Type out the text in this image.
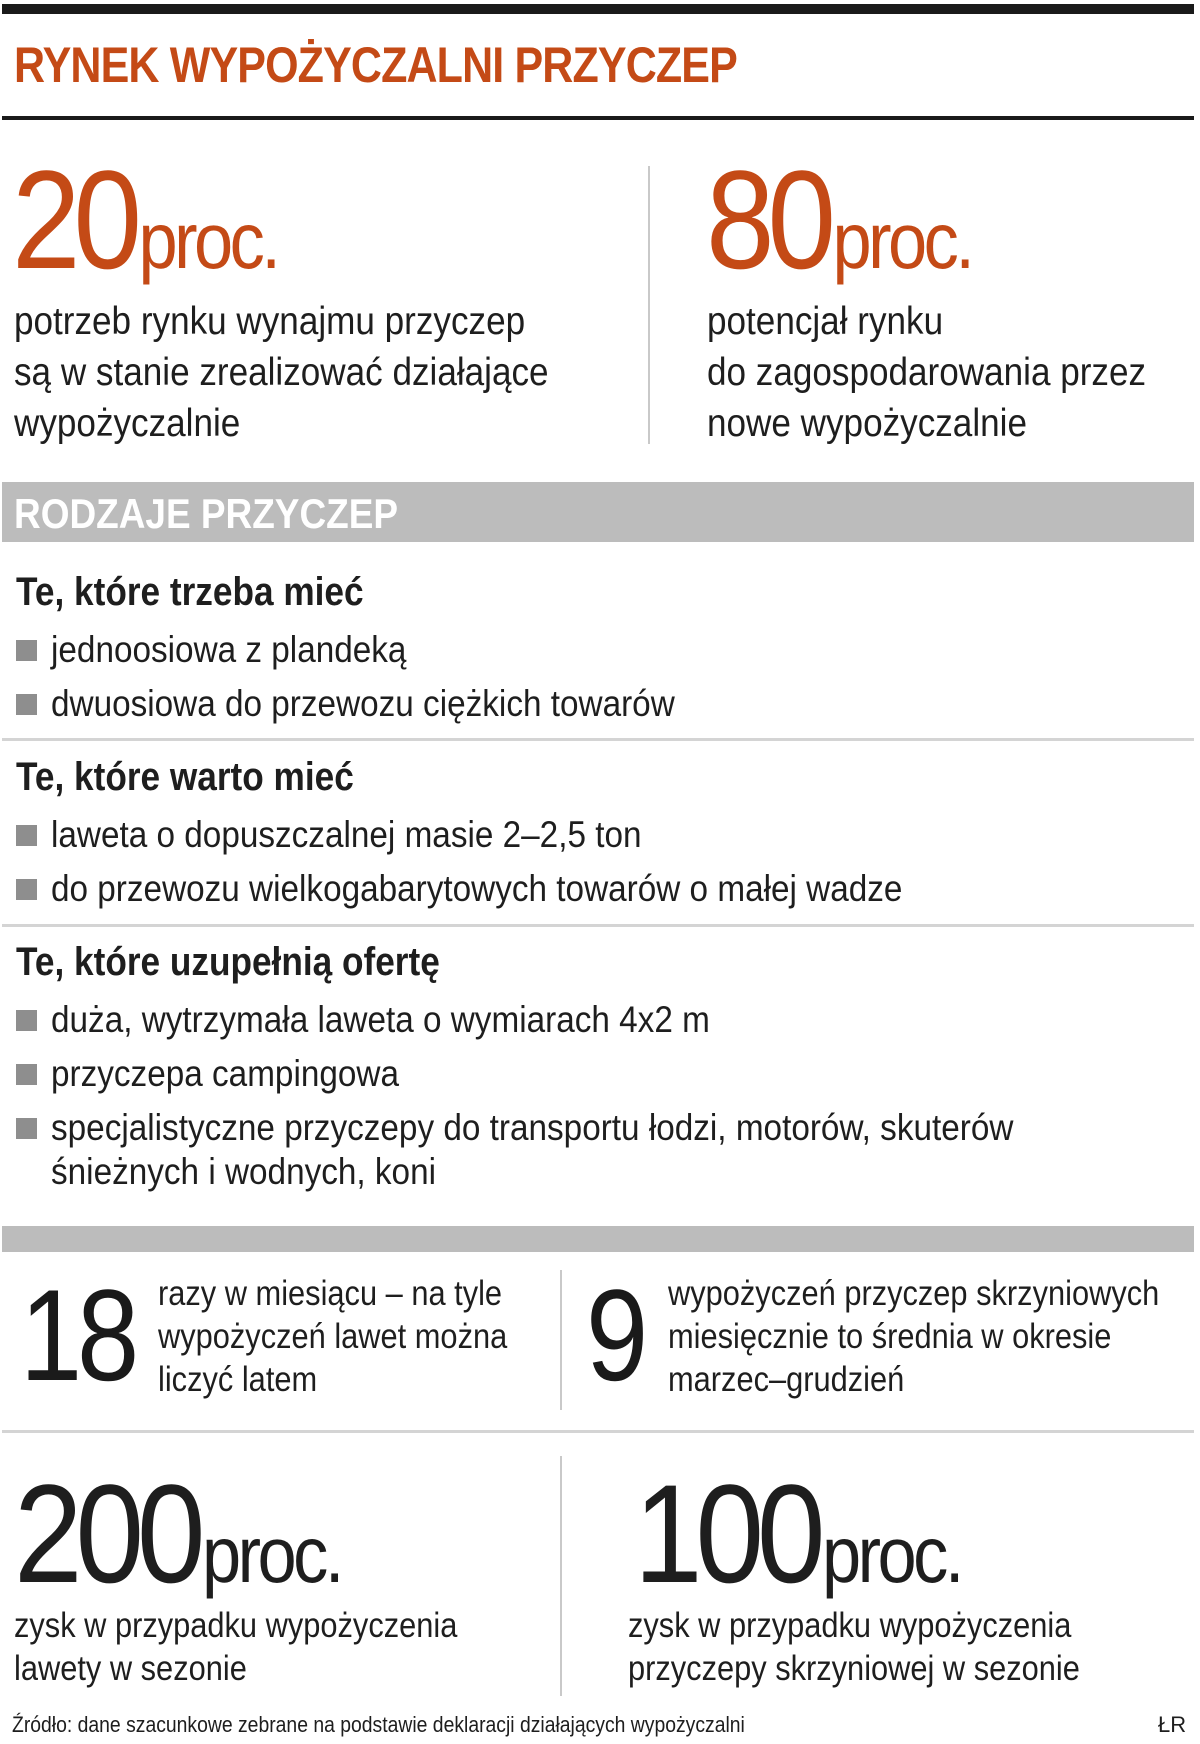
RYNEK WYPOŻYCZALNI PRZYCZEP
20proc.
potrzeb rynku wynajmu przyczep
są w stanie zrealizować działające
wypożyczalnie
80proc.
potencjał rynku
do zagospodarowania przez
nowe wypożyczalnie
RODZAJE PRZYCZEP
Te, które trzeba mieć
jednoosiowa z plandeką
dwuosiowa do przewozu ciężkich towarów
Te, które warto mieć
laweta o dopuszczalnej masie 2–2,5 ton
do przewozu wielkogabarytowych towarów o małej wadze
Te, które uzupełnią ofertę
duża, wytrzymała laweta o wymiarach 4x2 m
przyczepa campingowa
specjalistyczne przyczepy do transportu łodzi, motorów, skuterów
śnieżnych i wodnych, koni
18 razy w miesiącu – na tyle
wypożyczeń lawet można
liczyć latem	9 wypożyczeń przyczep skrzyniowych
miesięcznie to średnia w okresie
marzec–grudzień
200proc.
zysk w przypadku wypożyczenia
lawety w sezonie
100proc.
zysk w przypadku wypożyczenia
przyczepy skrzyniowej w sezonie
Źródło: dane szacunkowe zebrane na podstawie deklaracji działających wypożyczalni	ŁR
